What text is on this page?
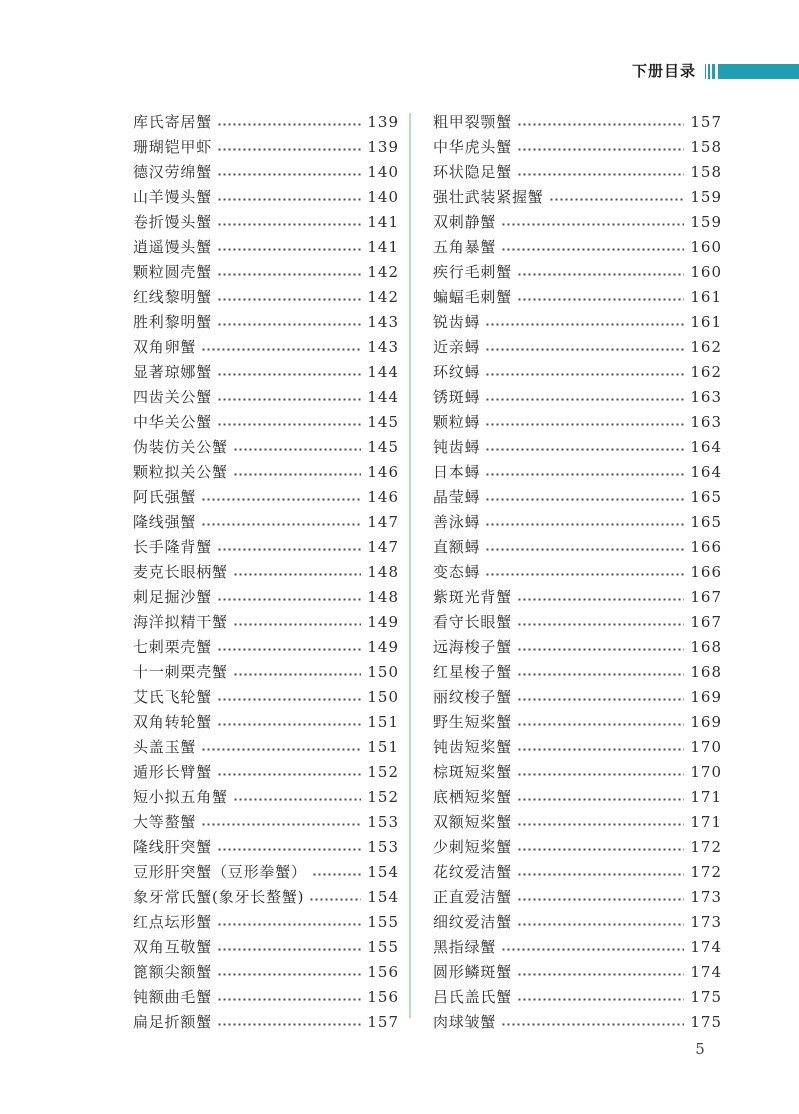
下册目录
库氏寄居蟹	139
珊瑚铠甲虾	139
德汉劳绵蟹	140
山羊馒头蟹	140
卷折馒头蟹	141
逍遥馒头蟹	141
颗粒圆壳蟹	142
红线黎明蟹	142
胜利黎明蟹	143
双角卵蟹	143
显著琼娜蟹	144
四齿关公蟹	144
中华关公蟹	145
伪装仿关公蟹	145
颗粒拟关公蟹	146
阿氏强蟹	146
隆线强蟹	147
长手隆背蟹	147
麦克长眼柄蟹	148
刺足掘沙蟹	148
海洋拟精干蟹	149
七刺栗壳蟹	149
十一刺栗壳蟹	150
艾氏飞轮蟹	150
双角转轮蟹	151
头盖玉蟹	151
遁形长臂蟹	152
短小拟五角蟹	152
大等螯蟹	153
隆线肝突蟹	153
豆形肝突蟹（豆形拳蟹）	154
象牙常氏蟹(象牙长螯蟹)	154
红点坛形蟹	155
双角互敬蟹	155
篦额尖额蟹	156
钝额曲毛蟹	156
扁足折额蟹	157
粗甲裂颚蟹	157
中华虎头蟹	158
环状隐足蟹	158
强壮武装紧握蟹	159
双刺静蟹	159
五角暴蟹	160
疾行毛刺蟹	160
蝙蝠毛刺蟹	161
锐齿蟳	161
近亲蟳	162
环纹蟳	162
锈斑蟳	163
颗粒蟳	163
钝齿蟳	164
日本蟳	164
晶莹蟳	165
善泳蟳	165
直额蟳	166
变态蟳	166
紫斑光背蟹	167
看守长眼蟹	167
远海梭子蟹	168
红星梭子蟹	168
丽纹梭子蟹	169
野生短桨蟹	169
钝齿短桨蟹	170
棕斑短桨蟹	170
底栖短桨蟹	171
双额短桨蟹	171
少刺短桨蟹	172
花纹爱洁蟹	172
正直爱洁蟹	173
细纹爱洁蟹	173
黑指绿蟹	174
圆形鳞斑蟹	174
吕氏盖氏蟹	175
肉球皱蟹	175
5
